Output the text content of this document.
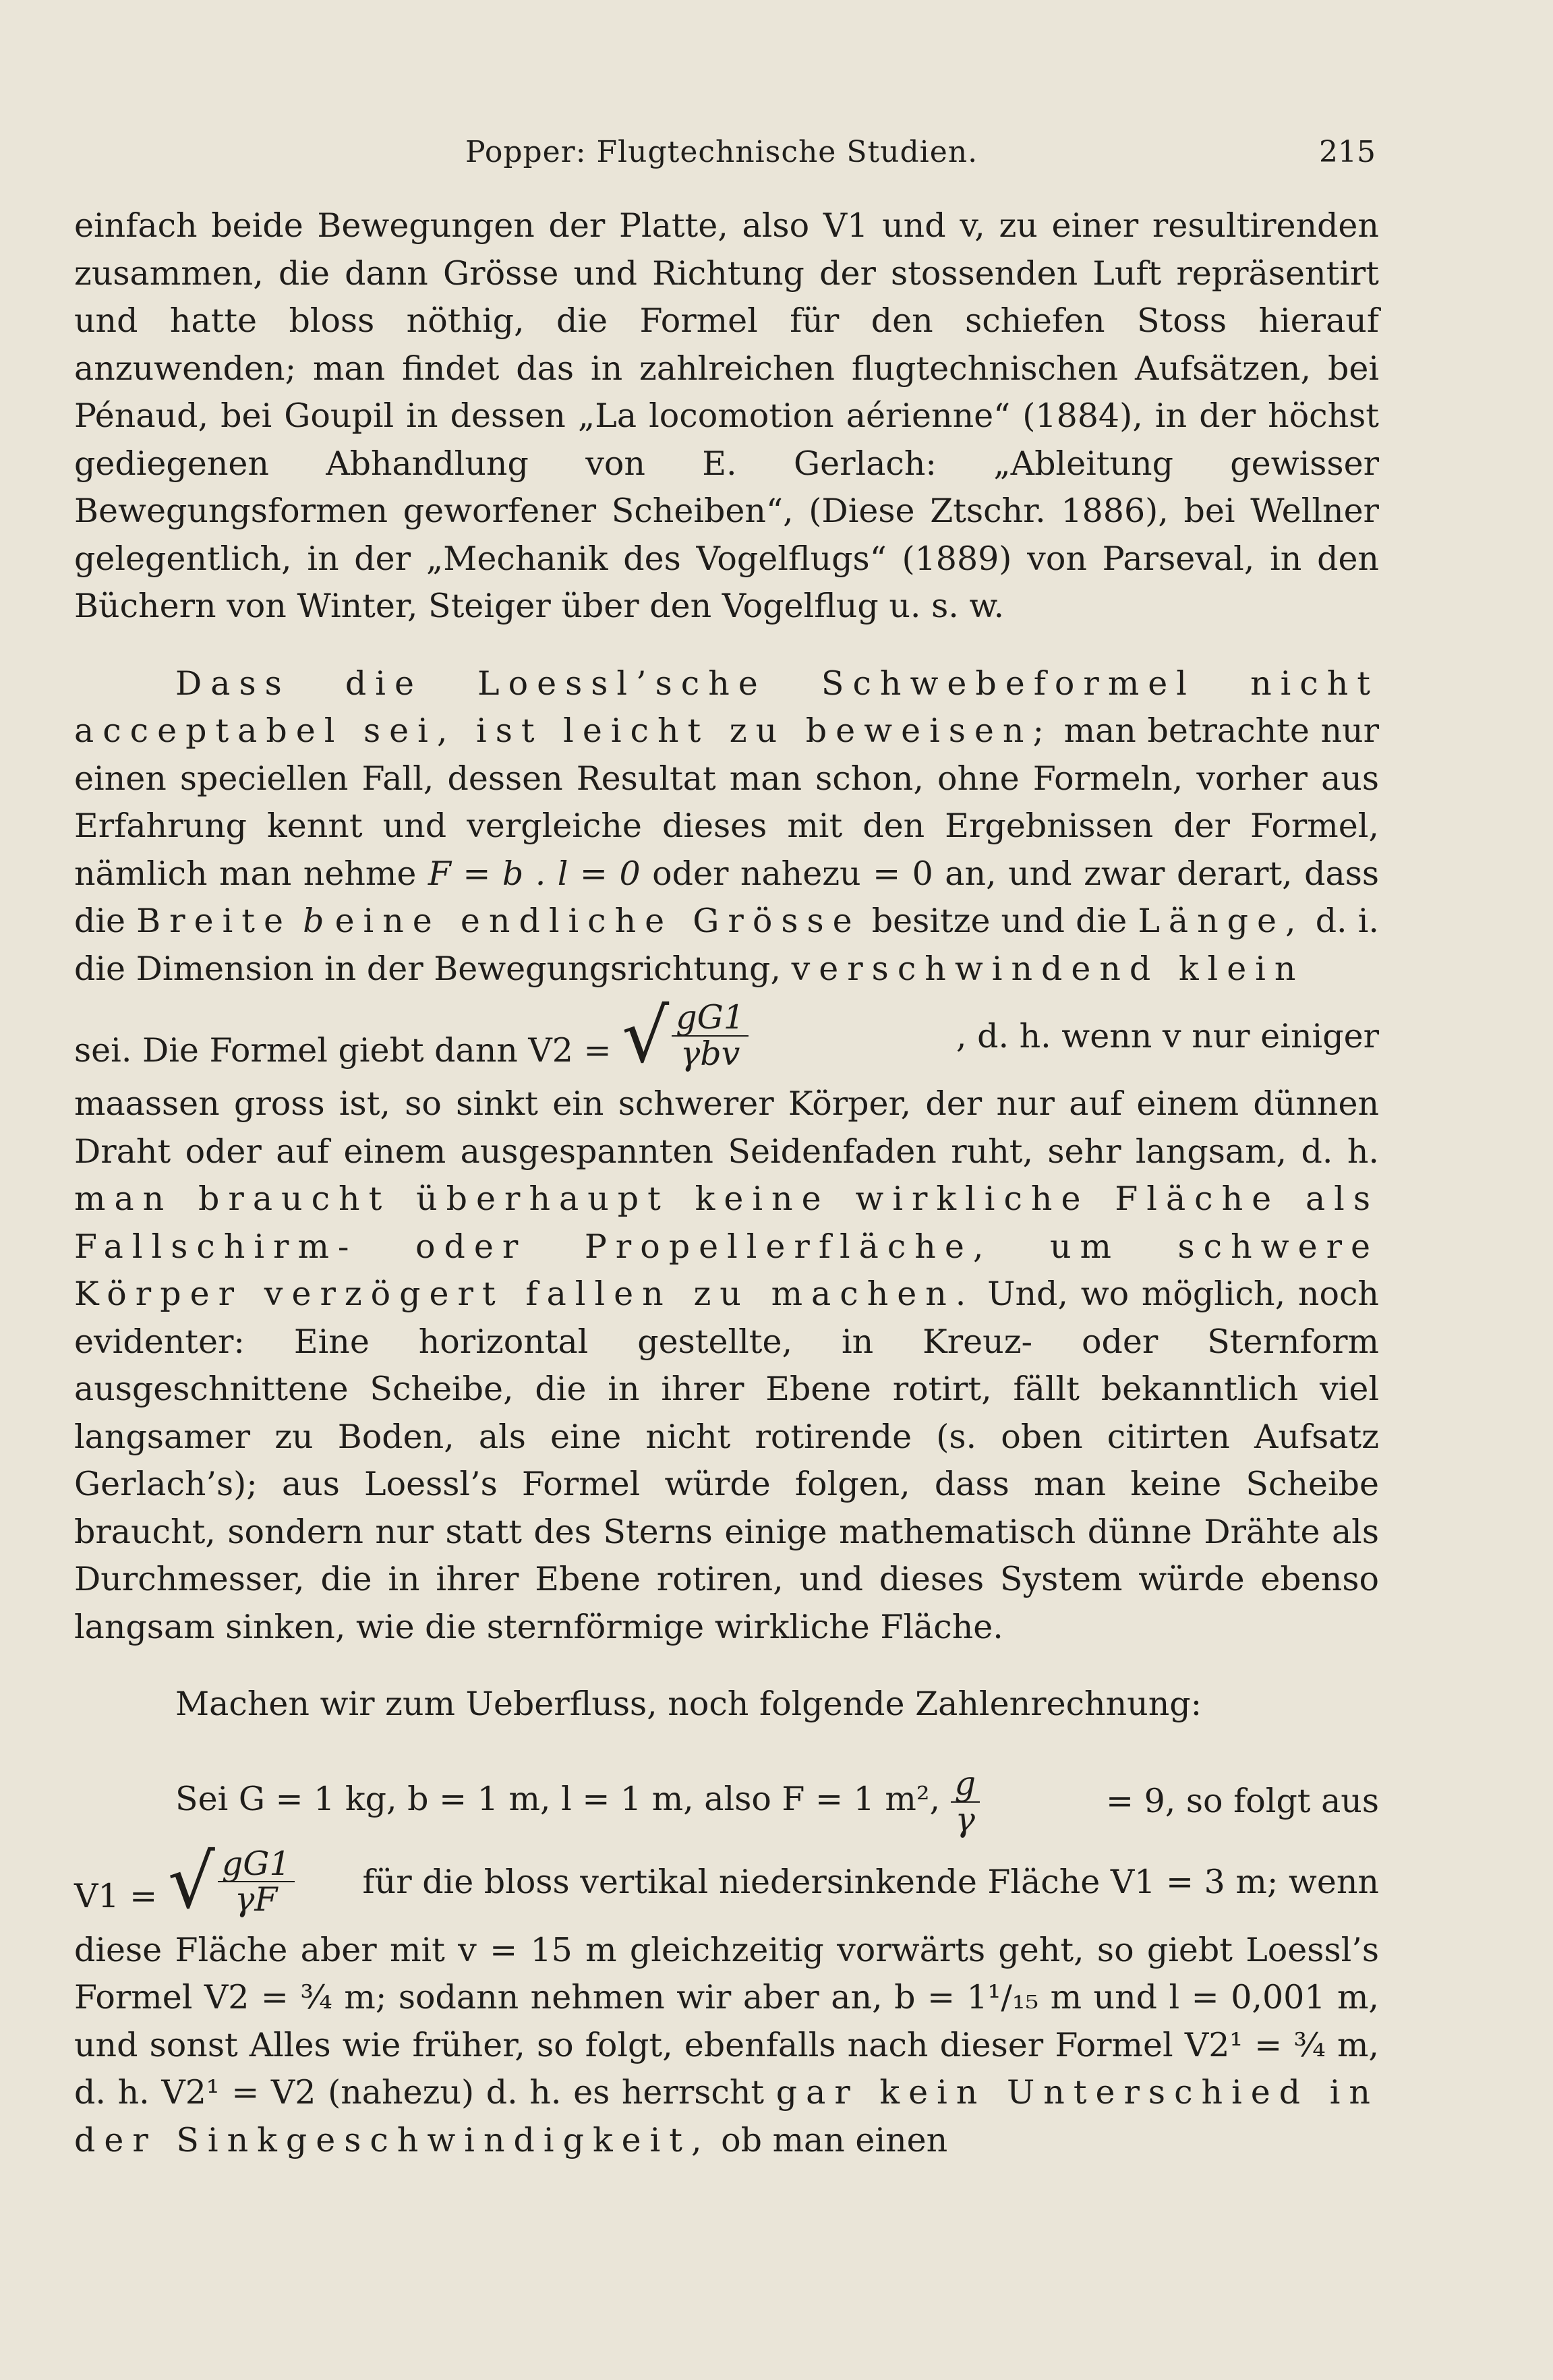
Popper: Flugtechnische Studien.	215

einfach beide Bewegungen der Platte, also V1 und v, zu einer resultirenden zusammen, die dann Grösse und Richtung der stossenden Luft repräsentirt und hatte bloss nöthig, die Formel für den schiefen Stoss hierauf anzuwenden; man findet das in zahlreichen flugtechnischen Aufsätzen, bei Pénaud, bei Goupil in dessen „La locomotion aérienne“ (1884), in der höchst gediegenen Abhandlung von E. Gerlach: „Ableitung gewisser Bewegungsformen geworfener Scheiben“, (Diese Ztschr. 1886), bei Wellner gelegentlich, in der „Mechanik des Vogelflugs“ (1889) von Parseval, in den Büchern von Winter, Steiger über den Vogelflug u. s. w.

Dass die Loessl’sche Schwebeformel nicht acceptabel sei, ist leicht zu beweisen; man betrachte nur einen speciellen Fall, dessen Resultat man schon, ohne Formeln, vorher aus Erfahrung kennt und vergleiche dieses mit den Ergebnissen der Formel, nämlich man nehme F = b . l = 0 oder nahezu = 0 an, und zwar derart, dass die Breite b eine endliche Grösse besitze und die Länge, d. i. die Dimension in der Bewegungsrichtung, verschwindend klein

sei. Die Formel giebt dann V2 = √ $\frac{gG1}{\text{γbv}}$	, d. h. wenn v nur einiger

maassen gross ist, so sinkt ein schwerer Körper, der nur auf einem dünnen Draht oder auf einem ausgespannten Seidenfaden ruht, sehr langsam, d. h. man braucht überhaupt keine wirkliche Fläche als Fallschirm- oder Propellerfläche, um schwere Körper verzögert fallen zu machen. Und, wo möglich, noch evidenter: Eine horizontal gestellte, in Kreuz- oder Sternform ausgeschnittene Scheibe, die in ihrer Ebene rotirt, fällt bekanntlich viel langsamer zu Boden, als eine nicht rotirende (s. oben citirten Aufsatz Gerlach’s); aus Loessl’s Formel würde folgen, dass man keine Scheibe braucht, sondern nur statt des Sterns einige mathematisch dünne Drähte als Durchmesser, die in ihrer Ebene rotiren, und dieses System würde ebenso langsam sinken, wie die sternförmige wirkliche Fläche.

Machen wir zum Ueberfluss, noch folgende Zahlenrechnung:

Sei G = 1 kg, b = 1 m, l = 1 m, also F = 1 m², $\frac{g}{\gamma}$	= 9, so folgt aus
V1 = √ $\frac{gG1}{\gamma F}$ für die bloss vertikal niedersinkende Fläche V1 = 3 m; wenn

diese Fläche aber mit v = 15 m gleichzeitig vorwärts geht, so giebt Loessl’s Formel V2 = ¾ m; sodann nehmen wir aber an, b = 1¹/₁₅ m und l = 0,001 m, und sonst Alles wie früher, so folgt, ebenfalls nach dieser Formel V2¹ = ¾ m, d. h. V2¹ = V2 (nahezu) d. h. es herrscht gar kein Unterschied in der Sinkgeschwindigkeit, ob man einen
